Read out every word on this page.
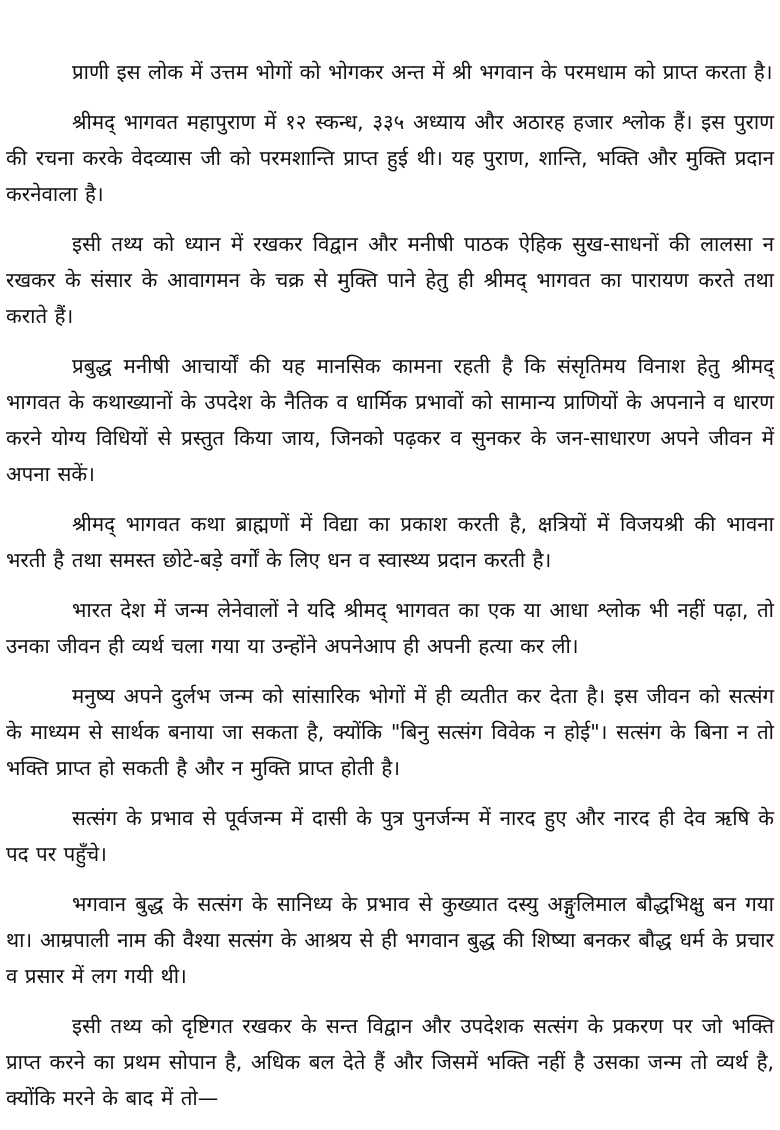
प्राणी इस लोक में उत्तम भोगों को भोगकर अन्त में श्री भगवान के परमधाम को प्राप्त करता है।

श्रीमद् भागवत महापुराण में १२ स्कन्ध, ३३५ अध्याय और अठारह हजार श्लोक हैं। इस पुराण की रचना करके वेदव्यास जी को परमशान्ति प्राप्त हुई थी। यह पुराण, शान्ति, भक्ति और मुक्ति प्रदान करनेवाला है।

इसी तथ्य को ध्यान में रखकर विद्वान और मनीषी पाठक ऐहिक सुख-साधनों की लालसा न रखकर के संसार के आवागमन के चक्र से मुक्ति पाने हेतु ही श्रीमद् भागवत का पारायण करते तथा कराते हैं।

प्रबुद्ध मनीषी आचार्यों की यह मानसिक कामना रहती है कि संसृतिमय विनाश हेतु श्रीमद् भागवत के कथाख्यानों के उपदेश के नैतिक व धार्मिक प्रभावों को सामान्य प्राणियों के अपनाने व धारण करने योग्य विधियों से प्रस्तुत किया जाय, जिनको पढ़कर व सुनकर के जन-साधारण अपने जीवन में अपना सकें।

श्रीमद् भागवत कथा ब्राह्मणों में विद्या का प्रकाश करती है, क्षत्रियों में विजयश्री की भावना भरती है तथा समस्त छोटे-बड़े वर्गों के लिए धन व स्वास्थ्य प्रदान करती है।

भारत देश में जन्म लेनेवालों ने यदि श्रीमद् भागवत का एक या आधा श्लोक भी नहीं पढ़ा, तो उनका जीवन ही व्यर्थ चला गया या उन्होंने अपनेआप ही अपनी हत्या कर ली।

मनुष्य अपने दुर्लभ जन्म को सांसारिक भोगों में ही व्यतीत कर देता है। इस जीवन को सत्संग के माध्यम से सार्थक बनाया जा सकता है, क्योंकि "बिनु सत्संग विवेक न होई"। सत्संग के बिना न तो भक्ति प्राप्त हो सकती है और न मुक्ति प्राप्त होती है।

सत्संग के प्रभाव से पूर्वजन्म में दासी के पुत्र पुनर्जन्म में नारद हुए और नारद ही देव ऋषि के पद पर पहुँचे।

भगवान बुद्ध के सत्संग के सानिध्य के प्रभाव से कुख्यात दस्यु अङ्गुलिमाल बौद्धभिक्षु बन गया था। आम्रपाली नाम की वैश्या सत्संग के आश्रय से ही भगवान बुद्ध की शिष्या बनकर बौद्ध धर्म के प्रचार व प्रसार में लग गयी थी।

इसी तथ्य को दृष्टिगत रखकर के सन्त विद्वान और उपदेशक सत्संग के प्रकरण पर जो भक्ति प्राप्त करने का प्रथम सोपान है, अधिक बल देते हैं और जिसमें भक्ति नहीं है उसका जन्म तो व्यर्थ है, क्योंकि मरने के बाद में तो—
